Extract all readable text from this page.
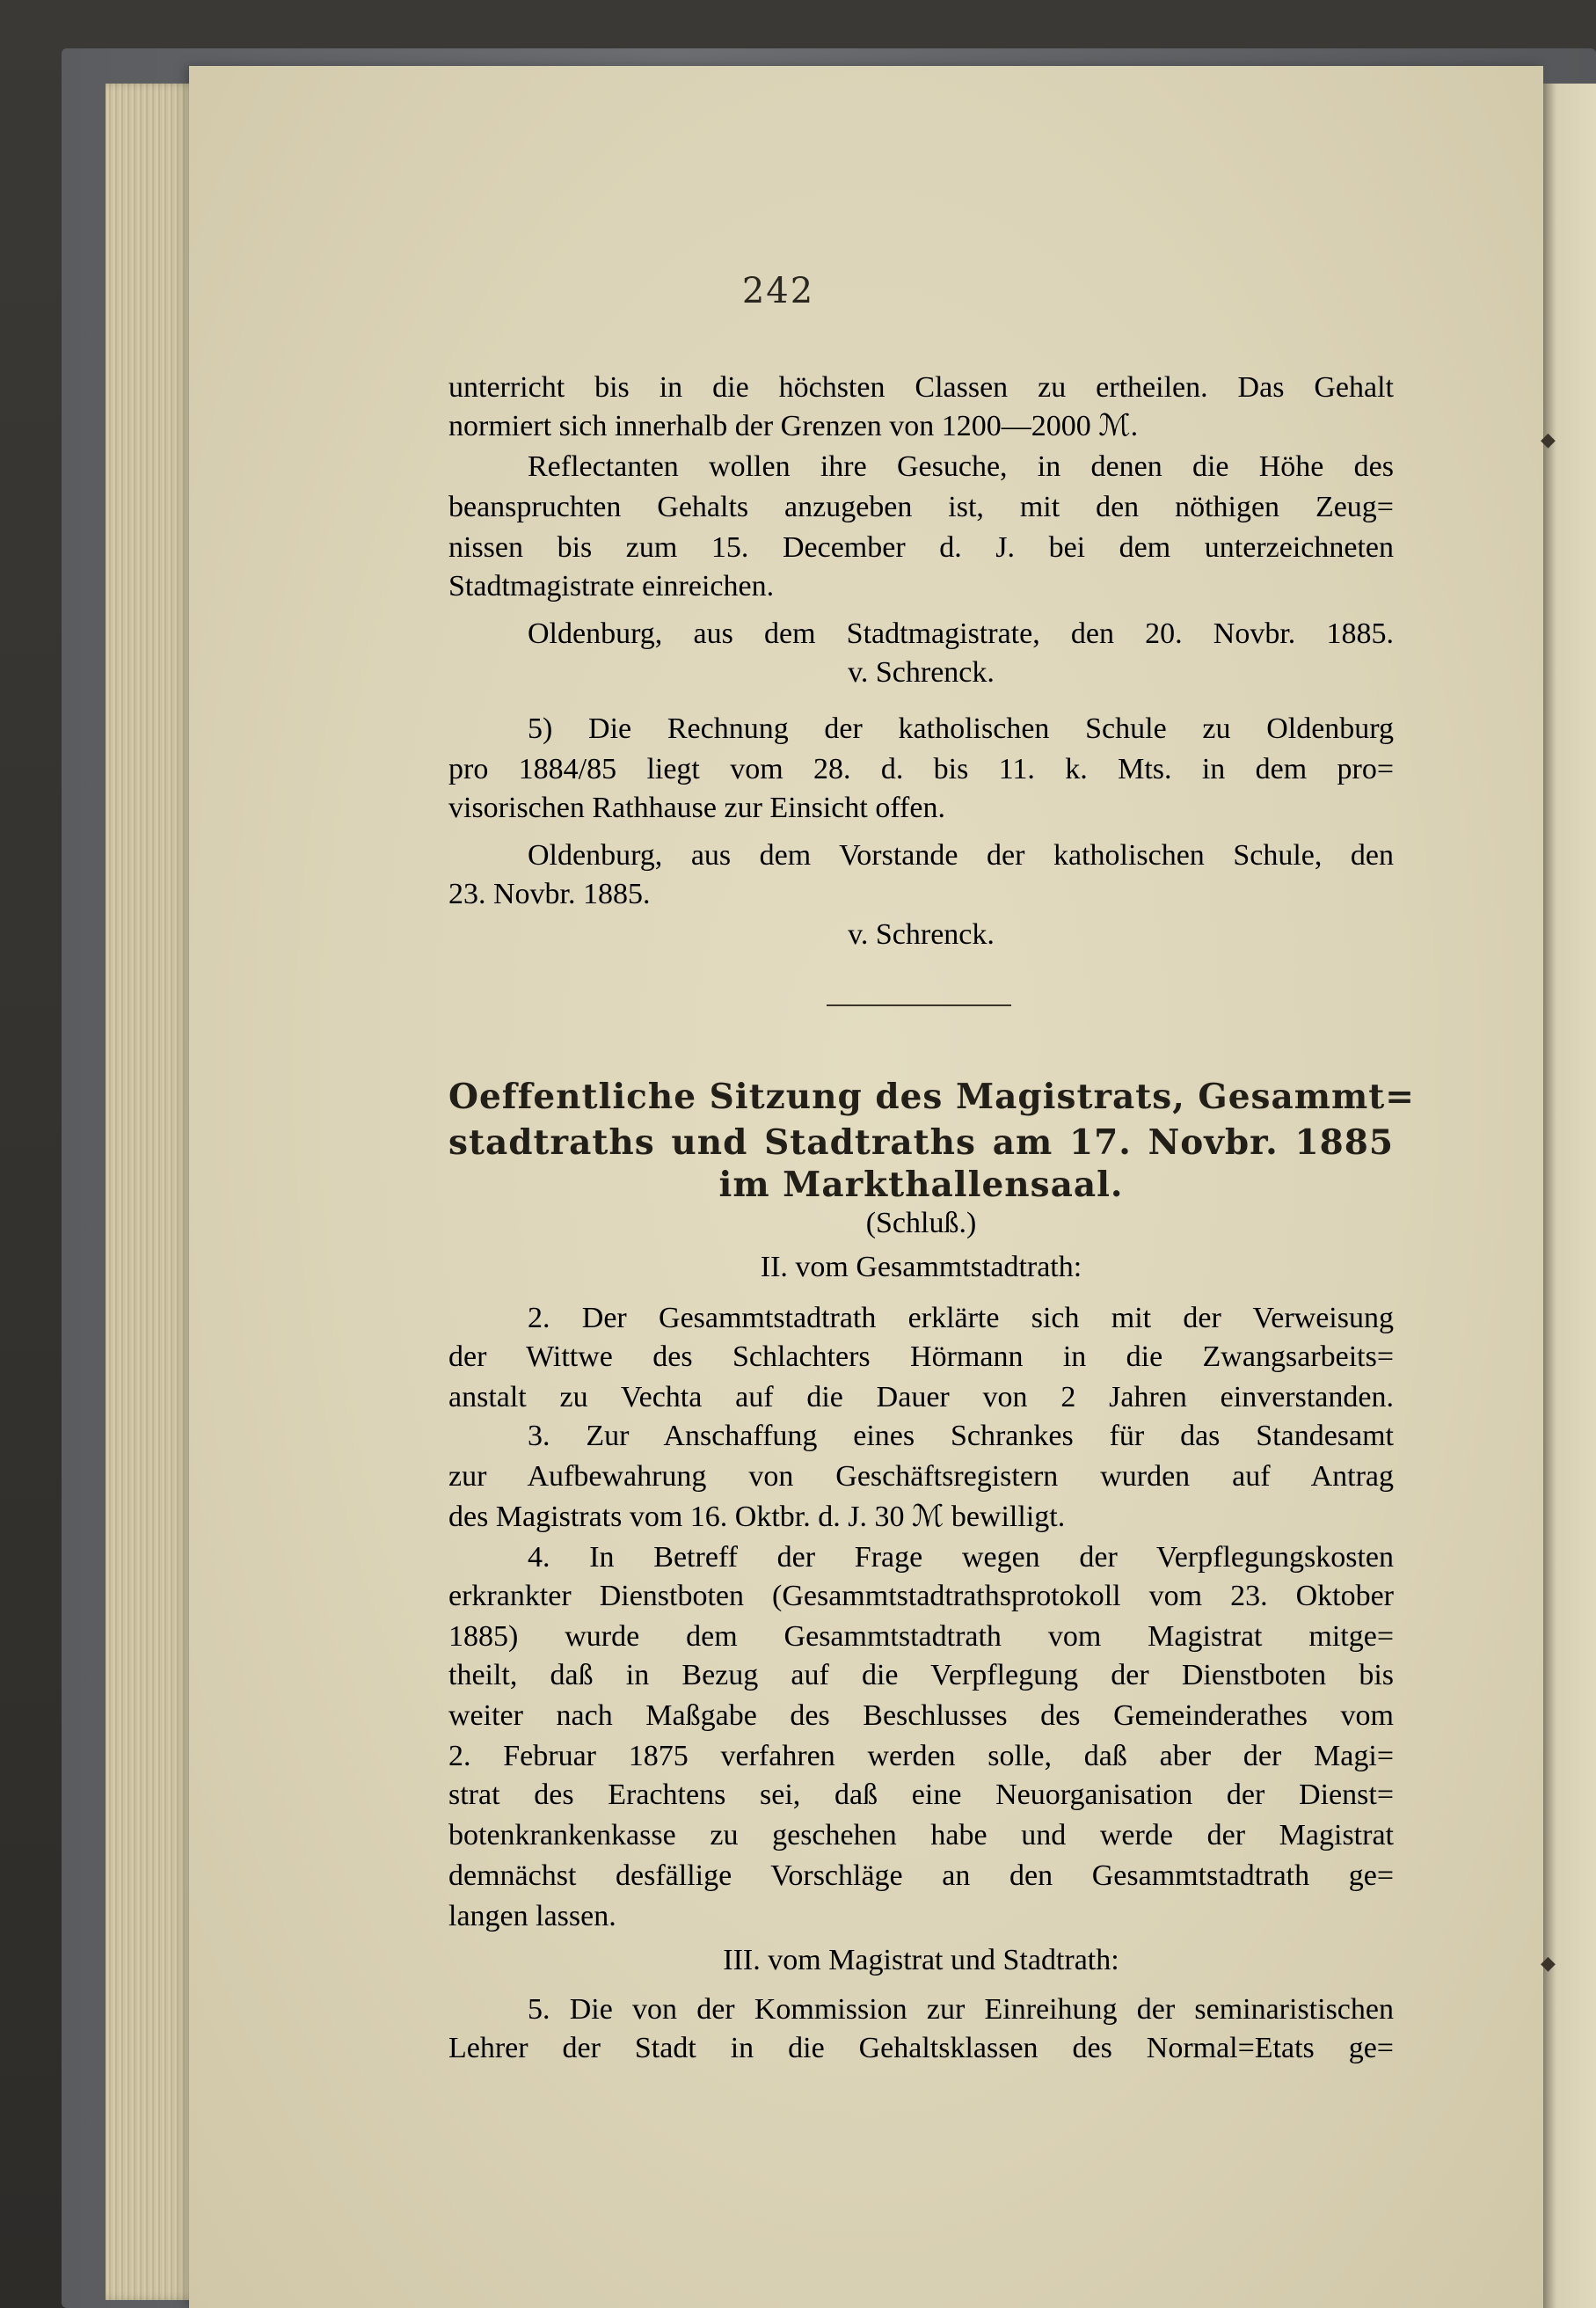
242
unterricht bis in die höchsten Classen zu ertheilen. Das Gehalt
normiert sich innerhalb der Grenzen von 1200—2000 ℳ.
Reflectanten wollen ihre Gesuche, in denen die Höhe des
beanspruchten Gehalts anzugeben ist, mit den nöthigen Zeug=
nissen bis zum 15. December d. J. bei dem unterzeichneten
Stadtmagistrate einreichen.
Oldenburg, aus dem Stadtmagistrate, den 20. Novbr. 1885.
v. Schrenck.
5) Die Rechnung der katholischen Schule zu Oldenburg
pro 1884/85 liegt vom 28. d. bis 11. k. Mts. in dem pro=
visorischen Rathhause zur Einsicht offen.
Oldenburg, aus dem Vorstande der katholischen Schule, den
23. Novbr. 1885.
v. Schrenck.
Oeffentliche Sitzung des Magistrats, Gesammt=
stadtraths und Stadtraths am 17. Novbr. 1885
im Markthallensaal.
(Schluß.)
II. vom Gesammtstadtrath:
2. Der Gesammtstadtrath erklärte sich mit der Verweisung
der Wittwe des Schlachters Hörmann in die Zwangsarbeits=
anstalt zu Vechta auf die Dauer von 2 Jahren einverstanden.
3. Zur Anschaffung eines Schrankes für das Standesamt
zur Aufbewahrung von Geschäftsregistern wurden auf Antrag
des Magistrats vom 16. Oktbr. d. J. 30 ℳ bewilligt.
4. In Betreff der Frage wegen der Verpflegungskosten
erkrankter Dienstboten (Gesammtstadtrathsprotokoll vom 23. Oktober
1885) wurde dem Gesammtstadtrath vom Magistrat mitge=
theilt, daß in Bezug auf die Verpflegung der Dienstboten bis
weiter nach Maßgabe des Beschlusses des Gemeinderathes vom
2. Februar 1875 verfahren werden solle, daß aber der Magi=
strat des Erachtens sei, daß eine Neuorganisation der Dienst=
botenkrankenkasse zu geschehen habe und werde der Magistrat
demnächst desfällige Vorschläge an den Gesammtstadtrath ge=
langen lassen.
III. vom Magistrat und Stadtrath:
5. Die von der Kommission zur Einreihung der seminaristischen
Lehrer der Stadt in die Gehaltsklassen des Normal=Etats ge=
◆
◆
